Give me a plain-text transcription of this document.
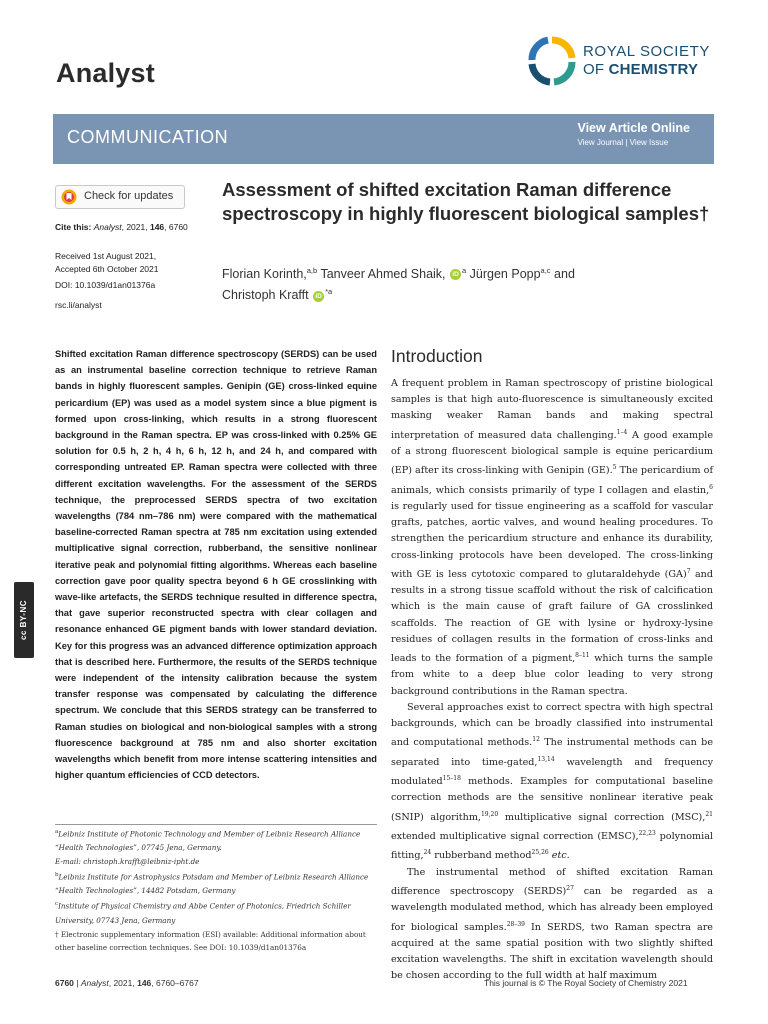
Analyst
ROYAL SOCIETY
OF CHEMISTRY
COMMUNICATION	View Article Online
View Journal | View Issue
Check for updates
Cite this: Analyst, 2021, 146, 6760
Received 1st August 2021,
Accepted 6th October 2021
DOI: 10.1039/d1an01376a
rsc.li/analyst
Assessment of shifted excitation Raman difference spectroscopy in highly fluorescent biological samples†
Florian Korinth,$^{a,b}$ Tanveer Ahmed Shaik, iD $^a$ Jürgen Popp$^{a,c}$ and
Christoph Krafft iD $^{*a}$
Shifted excitation Raman difference spectroscopy (SERDS) can be used as an instrumental baseline correction technique to retrieve Raman bands in highly fluorescent samples. Genipin (GE) cross-linked equine pericardium (EP) was used as a model system since a blue pigment is formed upon cross-linking, which results in a strong fluorescent background in the Raman spectra. EP was cross-linked with 0.25% GE solution for 0.5 h, 2 h, 4 h, 6 h, 12 h, and 24 h, and compared with corresponding untreated EP. Raman spectra were collected with three different excitation wavelengths. For the assessment of the SERDS technique, the preprocessed SERDS spectra of two excitation wavelengths (784 nm–786 nm) were compared with the mathematical baseline-corrected Raman spectra at 785 nm excitation using extended multiplicative signal correction, rubberband, the sensitive nonlinear iterative peak and polynomial fitting algorithms. Whereas each baseline correction gave poor quality spectra beyond 6 h GE crosslinking with wave-like artefacts, the SERDS technique resulted in difference spectra, that gave superior reconstructed spectra with clear collagen and resonance enhanced GE pigment bands with lower standard deviation. Key for this progress was an advanced difference optimization approach that is described here. Furthermore, the results of the SERDS technique were independent of the intensity calibration because the system transfer response was compensated by calculating the difference spectrum. We conclude that this SERDS strategy can be transferred to Raman studies on biological and non-biological samples with a strong fluorescence background at 785 nm and also shorter excitation wavelengths which benefit from more intense scattering intensities and higher quantum efficiencies of CCD detectors.
Introduction

A frequent problem in Raman spectroscopy of pristine biological samples is that high auto-fluorescence is simultaneously excited masking weaker Raman bands and making spectral interpretation of measured data challenging.$^{1-4}$ A good example of a strong fluorescent biological sample is equine pericardium (EP) after its cross-linking with Genipin (GE).$^5$ The pericardium of animals, which consists primarily of type I collagen and elastin,$^6$ is regularly used for tissue engineering as a scaffold for vascular grafts, patches, aortic valves, and wound healing procedures. To strengthen the pericardium structure and enhance its durability, cross-linking protocols have been developed. The cross-linking with GE is less cytotoxic compared to glutaraldehyde (GA)$^7$ and results in a strong tissue scaffold without the risk of calcification which is the main cause of graft failure of GA crosslinked scaffolds. The reaction of GE with lysine or hydroxy-lysine residues of collagen results in the formation of cross-links and leads to the formation of a pigment,$^{8-11}$ which turns the sample from white to a deep blue color leading to very strong background contributions in the Raman spectra.

Several approaches exist to correct spectra with high spectral backgrounds, which can be broadly classified into instrumental and computational methods.$^{12}$ The instrumental methods can be separated into time-gated,$^{13,14}$ wavelength and frequency modulated$^{15-18}$ methods. Examples for computational baseline correction methods are the sensitive nonlinear iterative peak (SNIP) algorithm,$^{19,20}$ multiplicative signal correction (MSC),$^{21}$ extended multiplicative signal correction (EMSC),$^{22,23}$ polynomial fitting,$^{24}$ rubberband method$^{25,26}$ etc.

The instrumental method of shifted excitation Raman difference spectroscopy (SERDS)$^{27}$ can be regarded as a wavelength modulated method, which has already been employed for biological samples.$^{28-39}$ In SERDS, two Raman spectra are acquired at the same spatial position with two slightly shifted excitation wavelengths. The shift in excitation wavelength should be chosen according to the full width at half maximum

$^a$Leibniz Institute of Photonic Technology and Member of Leibniz Research Alliance “Health Technologies”, 07745 Jena, Germany.
E-mail: christoph.krafft@leibniz-ipht.de
$^b$Leibniz Institute for Astrophysics Potsdam and Member of Leibniz Research Alliance “Health Technologies”, 14482 Potsdam, Germany
$^c$Institute of Physical Chemistry and Abbe Center of Photonics, Friedrich Schiller University, 07743 Jena, Germany
† Electronic supplementary information (ESI) available: Additional information about other baseline correction techniques. See DOI: 10.1039/d1an01376a
cc BY-NC
6760 | Analyst, 2021, 146, 6760–6767	This journal is © The Royal Society of Chemistry 2021
